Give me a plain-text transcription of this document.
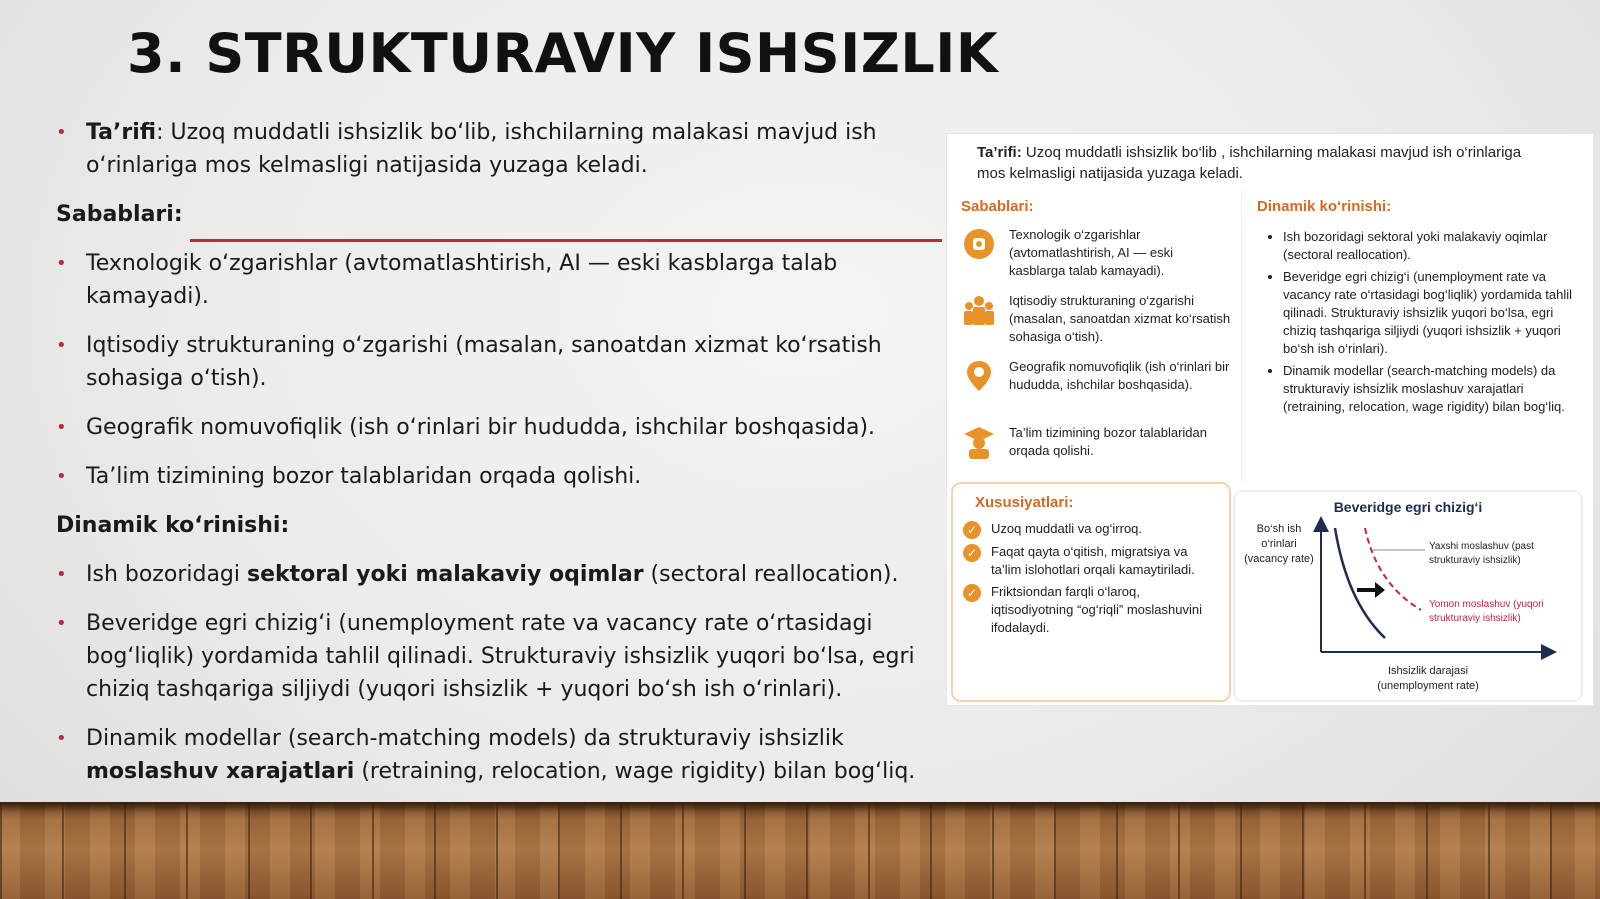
3. STRUKTURAVIY ISHSIZLIK
• Ta’rifi: Uzoq muddatli ishsizlik bo‘lib, ishchilarning malakasi mavjud ish o‘rinlariga mos kelmasligi natijasida yuzaga keladi.
Sabablari:
• Texnologik o‘zgarishlar (avtomatlashtirish, AI — eski kasblarga talab kamayadi).
• Iqtisodiy strukturaning o‘zgarishi (masalan, sanoatdan xizmat ko‘rsatish sohasiga o‘tish).
• Geografik nomuvofiqlik (ish o‘rinlari bir hududda, ishchilar boshqasida).
• Ta’lim tizimining bozor talablaridan orqada qolishi.
Dinamik ko‘rinishi:
• Ish bozoridagi sektoral yoki malakaviy oqimlar (sectoral reallocation).
• Beveridge egri chizig‘i (unemployment rate va vacancy rate o‘rtasidagi bog‘liqlik) yordamida tahlil qilinadi. Strukturaviy ishsizlik yuqori bo‘lsa, egri chiziq tashqariga siljiydi (yuqori ishsizlik + yuqori bo‘sh ish o‘rinlari).
• Dinamik modellar (search-matching models) da strukturaviy ishsizlik moslashuv xarajatlari (retraining, relocation, wage rigidity) bilan bog‘liq.
Ta’rifi: Uzoq muddatli ishsizlik bo‘lib , ishchilarning malakasi mavjud ish o‘rinlariga mos kelmasligi natijasida yuzaga keladi.
Sabablari:
Texnologik o‘zgarishlar (avtomatlashtirish, AI — eski kasblarga talab kamayadi).
Iqtisodiy strukturaning o‘zgarishi (masalan, sanoatdan xizmat ko‘rsatish sohasiga o‘tish).
Geografik nomuvofiqlik (ish o‘rinlari bir hududda, ishchilar boshqasida).
Ta’lim tizimining bozor talablaridan orqada qolishi.
Dinamik ko‘rinishi:
• Ish bozoridagi sektoral yoki malakaviy oqimlar (sectoral reallocation).
• Beveridge egri chizig‘i (unemployment rate va vacancy rate o‘rtasidagi bog‘liqlik) yordamida tahlil qilinadi. Strukturaviy ishsizlik yuqori bo‘lsa, egri chiziq tashqariga siljiydi (yuqori ishsizlik + yuqori bo‘sh ish o‘rinlari).
• Dinamik modellar (search-matching models) da strukturaviy ishsizlik moslashuv xarajatlari (retraining, relocation, wage rigidity) bilan bog‘liq.
Xususiyatlari:
✓	Uzoq muddatli va og‘irroq.
✓	Faqat qayta o‘qitish, migratsiya va ta’lim islohotlari orqali kamaytiriladi.
✓	Friktsiondan farqli o‘laroq, iqtisodiyotning “og‘riqli” moslashuvini ifodalaydi.
Beveridge egri chizig‘i
Bo‘sh ish o‘rinlari (vacancy rate)
Ishsizlik darajasi (unemployment rate)
Yaxshi moslashuv (past strukturaviy ishsizlik)
Yomon moslashuv (yuqori strukturaviy ishsizlik)
